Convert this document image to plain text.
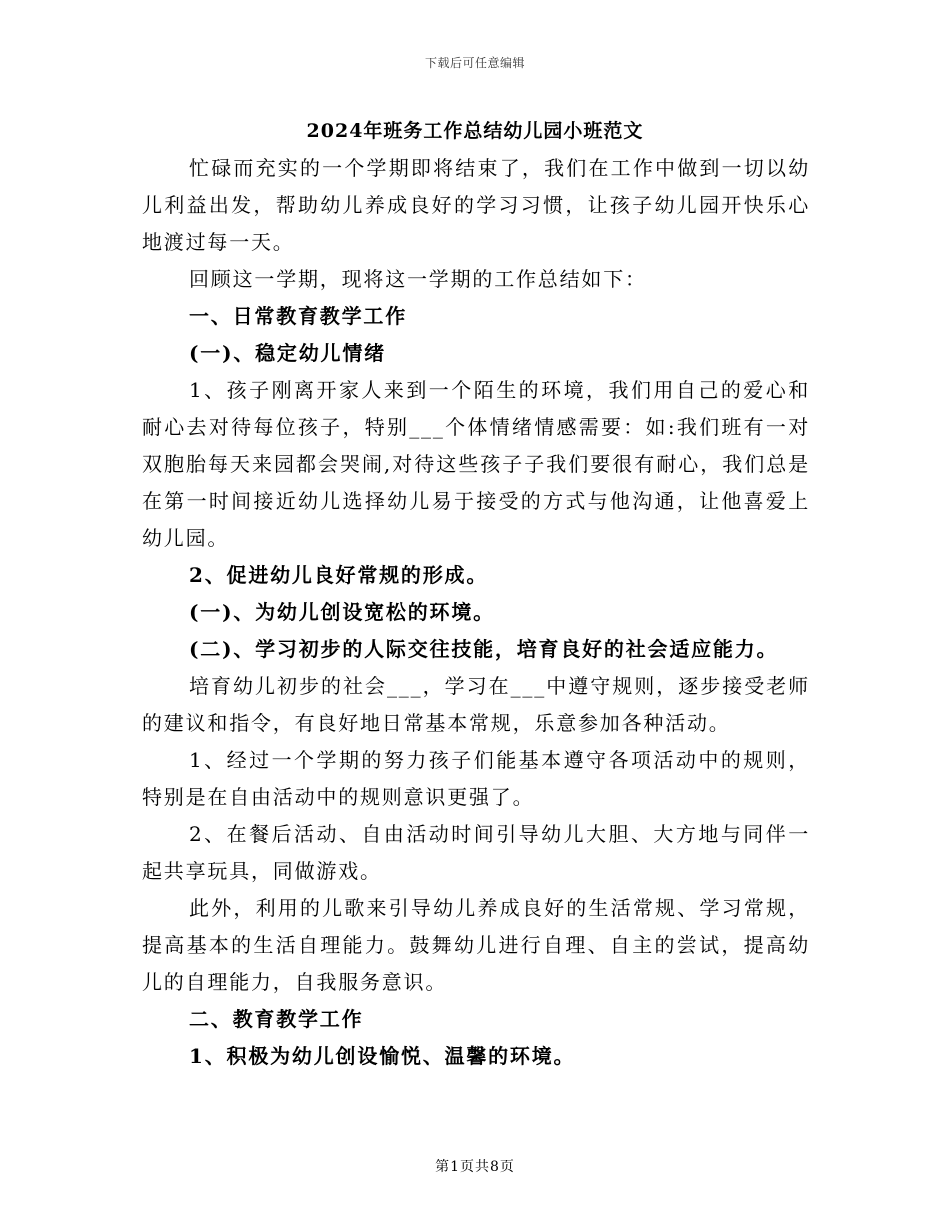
下载后可任意编辑
2024年班务工作总结幼儿园小班范文

忙碌而充实的一个学期即将结束了，我们在工作中做到一切以幼儿利益出发，帮助幼儿养成良好的学习习惯，让孩子幼儿园开快乐心地渡过每一天。

回顾这一学期，现将这一学期的工作总结如下：

一、日常教育教学工作

(一)、稳定幼儿情绪

1、孩子刚离开家人来到一个陌生的环境，我们用自己的爱心和耐心去对待每位孩子，特别___个体情绪情感需要：如:我们班有一对双胞胎每天来园都会哭闹,对待这些孩子子我们要很有耐心，我们总是在第一时间接近幼儿选择幼儿易于接受的方式与他沟通，让他喜爱上幼儿园。

2、促进幼儿良好常规的形成。

(一)、为幼儿创设宽松的环境。

(二)、学习初步的人际交往技能，培育良好的社会适应能力。

培育幼儿初步的社会___，学习在___中遵守规则，逐步接受老师的建议和指令，有良好地日常基本常规，乐意参加各种活动。

1、经过一个学期的努力孩子们能基本遵守各项活动中的规则，特别是在自由活动中的规则意识更强了。

2、在餐后活动、自由活动时间引导幼儿大胆、大方地与同伴一起共享玩具，同做游戏。

此外，利用的儿歌来引导幼儿养成良好的生活常规、学习常规，提高基本的生活自理能力。鼓舞幼儿进行自理、自主的尝试，提高幼儿的自理能力，自我服务意识。

二、教育教学工作

1、积极为幼儿创设愉悦、温馨的环境。

第1页共8页
